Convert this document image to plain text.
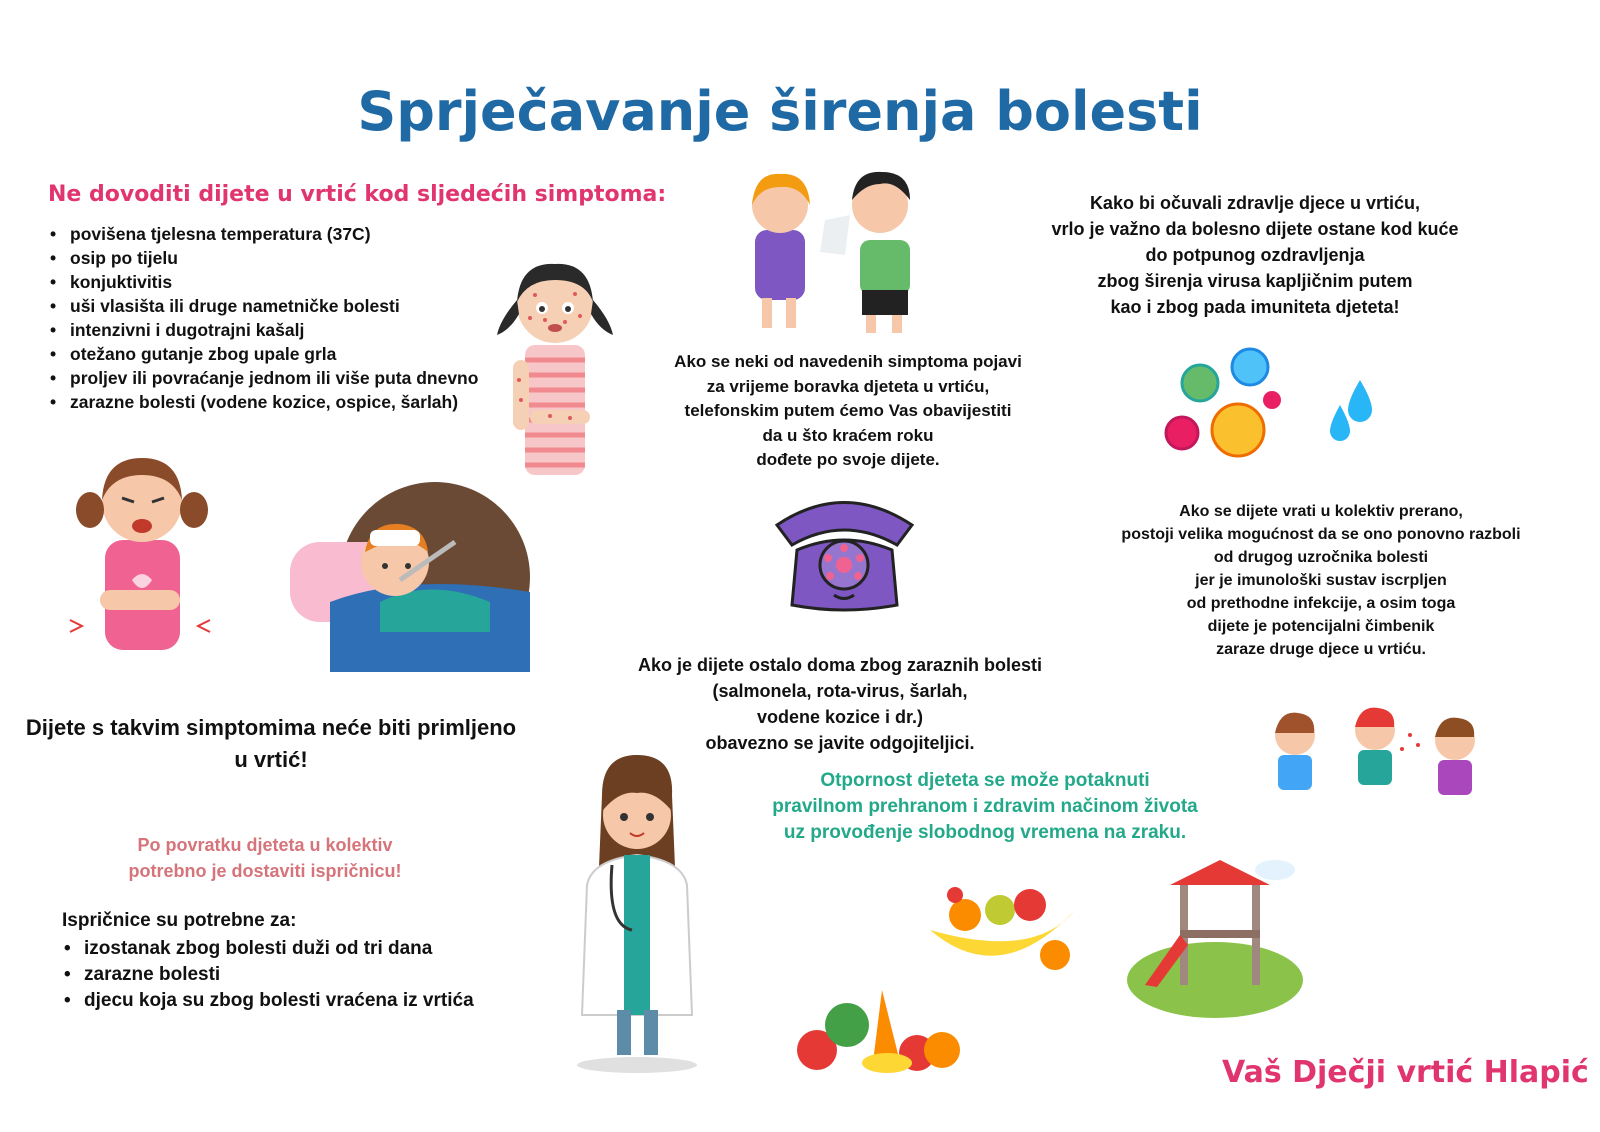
Sprječavanje širenja bolesti
Ne dovoditi dijete u vrtić kod sljedećih simptoma:
• povišena tjelesna temperatura (37C)
• osip po tijelu
• konjuktivitis
• uši vlasišta ili druge nametničke bolesti
• intenzivni i dugotrajni kašalj
• otežano gutanje zbog upale grla
• proljev ili povraćanje jednom ili više puta dnevno
• zarazne bolesti (vodene kozice, ospice, šarlah)
Dijete s takvim simptomima neće biti primljeno
u vrtić!
Po povratku djeteta u kolektiv
potrebno je dostaviti ispričnicu!
Ispričnice su potrebne za:
• izostanak zbog bolesti duži od tri dana
• zarazne bolesti
• djecu koja su zbog bolesti vraćena iz vrtića
Ako se neki od navedenih simptoma pojavi
za vrijeme boravka djeteta u vrtiću,
telefonskim putem ćemo Vas obavijestiti
da u što kraćem roku
dođete po svoje dijete.
Ako je dijete ostalo doma zbog zaraznih bolesti
(salmonela, rota-virus, šarlah,
vodene kozice i dr.)
obavezno se javite odgojiteljici.
Kako bi očuvali zdravlje djece u vrtiću,
vrlo je važno da bolesno dijete ostane kod kuće
do potpunog ozdravljenja
zbog širenja virusa kapljičnim putem
kao i zbog pada imuniteta djeteta!
Ako se dijete vrati u kolektiv prerano,
postoji velika mogućnost da se ono ponovno razboli
od drugog uzročnika bolesti
jer je imunološki sustav iscrpljen
od prethodne infekcije, a osim toga
dijete je potencijalni čimbenik
zaraze druge djece u vrtiću.
Otpornost djeteta se može potaknuti
pravilnom prehranom i zdravim načinom života
uz provođenje slobodnog vremena na zraku.
Vaš Dječji vrtić Hlapić
